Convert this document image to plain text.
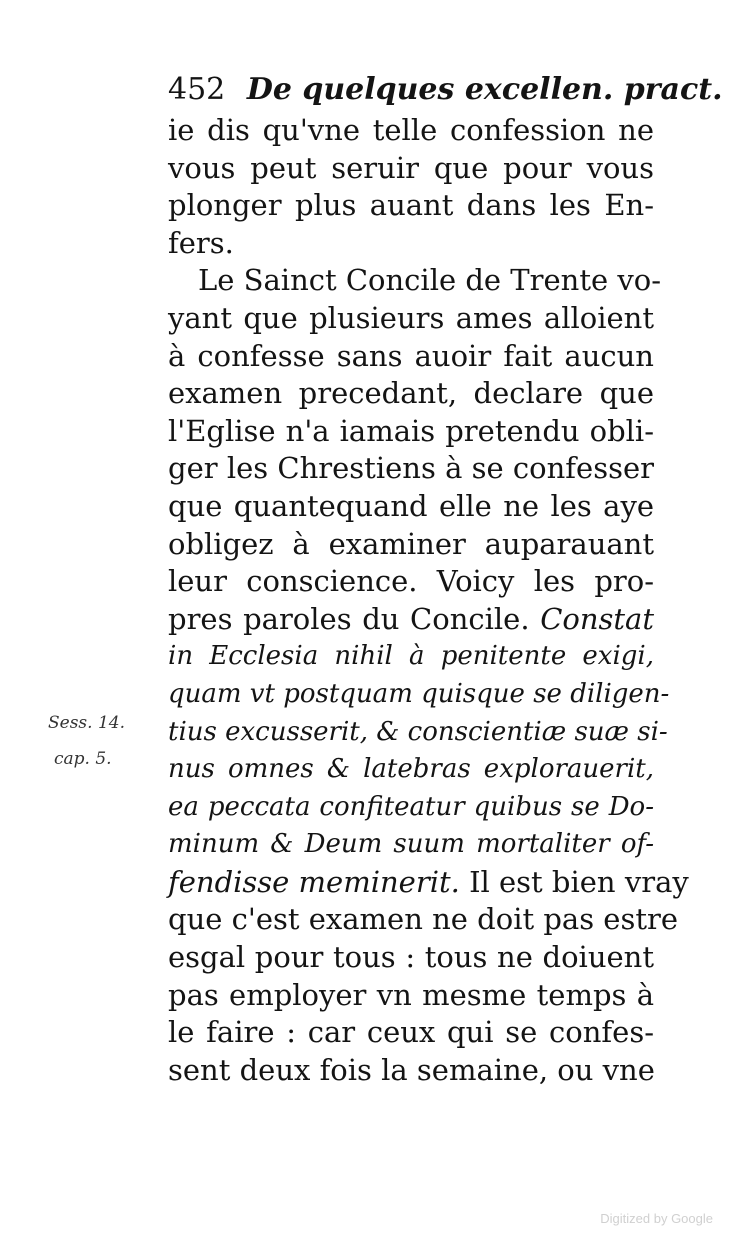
452 De quelques excellen. pract.
ie dis qu'vne telle confession ne
vous peut seruir que pour vous
plonger plus auant dans les En-
fers.
Le Sainct Concile de Trente vo-
yant que plusieurs ames alloient
à confesse sans auoir fait aucun
examen precedant, declare que
l'Eglise n'a iamais pretendu obli-
ger les Chrestiens à se confesser
que quantequand elle ne les aye
obligez à examiner auparauant
leur conscience. Voicy les pro-
pres paroles du Concile. Constat
in Ecclesia nihil à penitente exigi,
quam vt postquam quisque se diligen-
tius excusserit, & conscientiæ suæ si-
nus omnes & latebras explorauerit,
ea peccata confiteatur quibus se Do-
minum & Deum suum mortaliter of-
fendisse meminerit. Il est bien vray
que c'est examen ne doit pas estre
esgal pour tous : tous ne doiuent
pas employer vn mesme temps à
le faire : car ceux qui se confes-
sent deux fois la semaine, ou vne
Sess. 14.
cap. 5.
Digitized by Google
